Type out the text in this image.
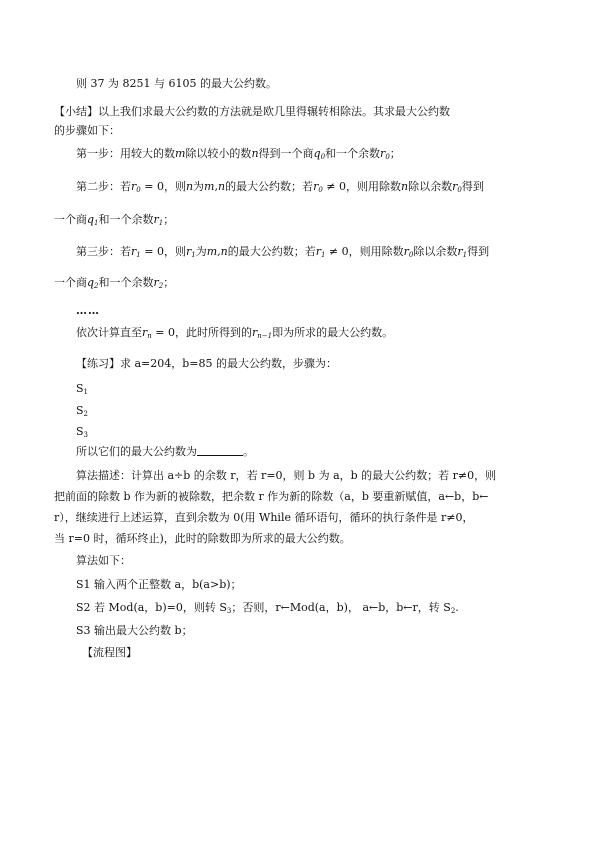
则 37 为 8251 与 6105 的最大公约数。
【小结】以上我们求最大公约数的方法就是欧几里得辗转相除法。其求最大公约数
的步骤如下：
第一步：用较大的数m除以较小的数n得到一个商$q_0$和一个余数$r_0$；
第二步：若$r_0 = 0$，则n为m,n的最大公约数；若$r_0 \ne 0$，则用除数n除以余数$r_0$得到
一个商$q_1$和一个余数$r_1$；
第三步：若$r_1 = 0$，则$r_1$为m,n的最大公约数；若$r_1 \ne 0$，则用除数$r_0$除以余数$r_1$得到
一个商$q_2$和一个余数$r_2$；
……
依次计算直至$r_n = 0$，此时所得到的$r_{n-1}$即为所求的最大公约数。
【练习】求 a=204，b=85 的最大公约数，步骤为：
$S_1$
$S_2$
$S_3$
所以它们的最大公约数为	。
算法描述：计算出 a÷b 的余数 r，若 r=0，则 b 为 a，b 的最大公约数；若 r≠0，则
把前面的除数 b 作为新的被除数，把余数 r 作为新的除数（a，b 要重新赋值，a←b，b←
r），继续进行上述运算，直到余数为 0(用 While 循环语句，循环的执行条件是 r≠0，
当 r=0 时，循环终止)，此时的除数即为所求的最大公约数。
算法如下：
S1 输入两个正整数 a，b(a>b)；
S2 若 Mod(a，b)=0，则转 $S_3$；否则，r←Mod(a，b)， a←b，b←r，转 $S_2$.
S3 输出最大公约数 b；
【流程图】
